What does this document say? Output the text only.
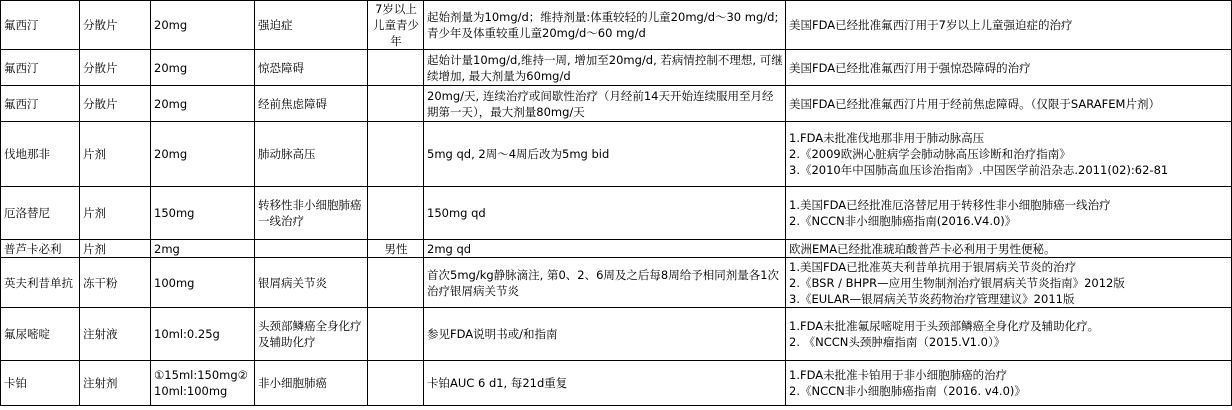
氟西汀	分散片	20mg	强迫症	7岁以上儿童青少年	起始剂量为10mg/d；维持剂量:体重较轻的儿童20mg/d～30 mg/d; 青少年及体重较重儿童20mg/d～60 mg/d	美国FDA已经批准氟西汀用于7岁以上儿童强迫症的治疗
氟西汀	分散片	20mg	惊恐障碍		起始计量10mg/d,维持一周, 增加至20mg/d, 若病情控制不理想, 可继续增加, 最大剂量为60mg/d	美国FDA已经批准氟西汀用于强惊恐障碍的治疗
氟西汀	分散片	20mg	经前焦虑障碍		20mg/天, 连续治疗或间歇性治疗（月经前14天开始连续服用至月经期第一天），最大剂量80mg/天	美国FDA已经批准氟西汀片用于经前焦虑障碍。（仅限于SARAFEM片剂）
伐地那非	片剂	20mg	肺动脉高压		5mg qd, 2周～4周后改为5mg bid	1.FDA未批准伐地那非用于肺动脉高压
2.《2009欧洲心脏病学会肺动脉高压诊断和治疗指南》
3.《2010年中国肺高血压诊治指南》.中国医学前沿杂志.2011(02):62-81

厄洛替尼	片剂	150mg	转移性非小细胞肺癌一线治疗		150mg qd	1.美国FDA已经批准厄洛替尼用于转移性非小细胞肺癌一线治疗
2.《NCCN非小细胞肺癌指南(2016.V4.0)》

普芦卡必利	片剂	2mg		男性	2mg qd	欧洲EMA已经批准琥珀酸普芦卡必利用于男性便秘。
英夫利昔单抗	冻干粉	100mg	银屑病关节炎		首次5mg/kg静脉滴注, 第0、2、6周及之后每8周给予相同剂量各1次治疗银屑病关节炎	1.美国FDA已批准英夫利昔单抗用于银屑病关节炎的治疗
2.《BSR / BHPR—应用生物制剂治疗银屑病关节炎指南》2012版
3.《EULAR—银屑病关节炎药物治疗管理建议》2011版

氟尿嘧啶	注射液	10ml:0.25g	头颈部鳞癌全身化疗及辅助化疗		参见FDA说明书或/和指南	1.FDA未批准氟尿嘧啶用于头颈部鳞癌全身化疗及辅助化疗。
2. 《NCCN头颈肿瘤指南（2015.V1.0）》

卡铂	注射剂	①15ml:150mg②10ml:100mg	非小细胞肺癌		卡铂AUC 6 d1, 每21d重复	1.FDA未批准卡铂用于非小细胞肺癌的治疗
2.《NCCN非小细胞肺癌指南（2016. v4.0)》
